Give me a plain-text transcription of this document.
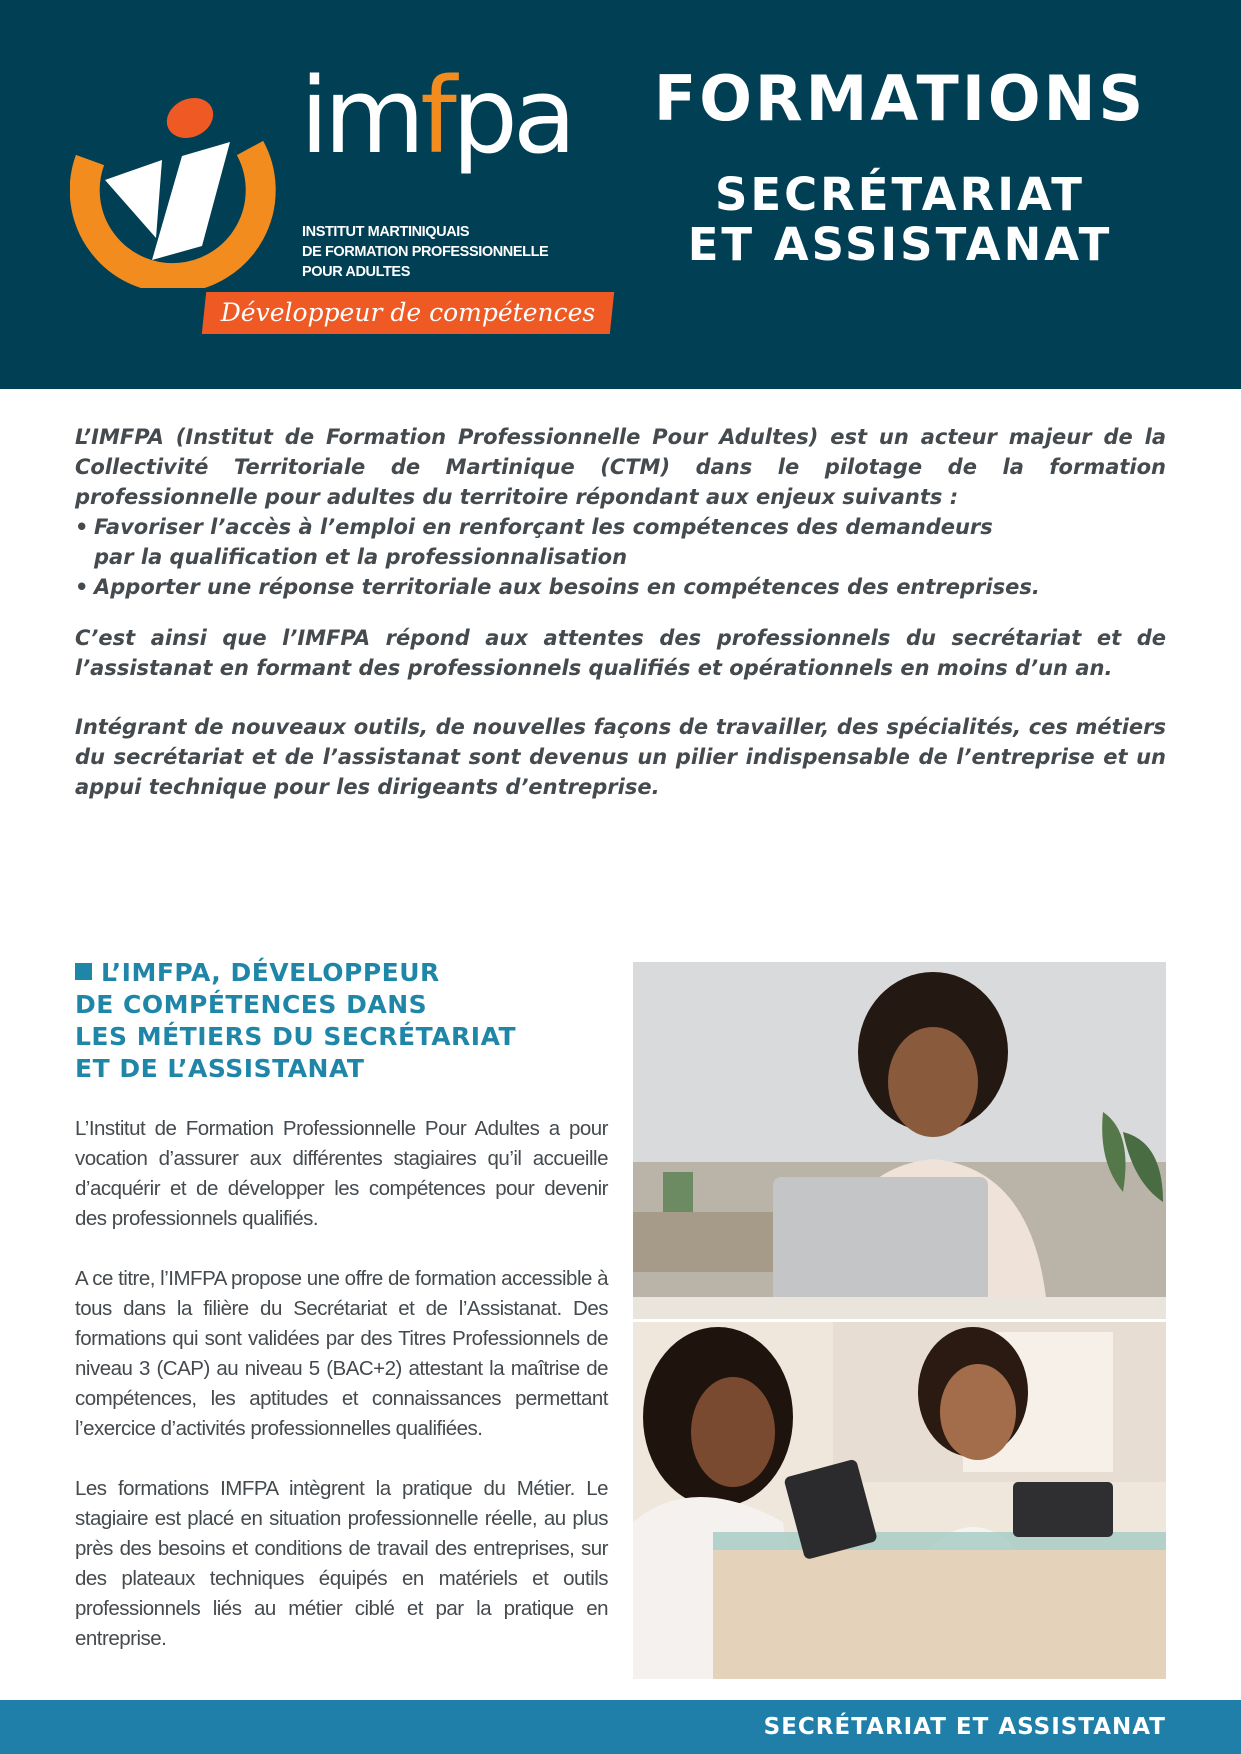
imfpa
INSTITUT MARTINIQUAIS
DE FORMATION PROFESSIONNELLE
POUR ADULTES
Développeur de compétences
FORMATIONS
SECRÉTARIAT
ET ASSISTANAT

L’IMFPA (Institut de Formation Professionnelle Pour Adultes) est un acteur majeur de la Collectivité Territoriale de Martinique (CTM) dans le pilotage de la formation professionnelle pour adultes du territoire répondant aux enjeux suivants :

• Favoriser l’accès à l’emploi en renforçant les compétences des demandeurs
par la qualification et la professionnalisation
• Apporter une réponse territoriale aux besoins en compétences des entreprises.

C’est ainsi que l’IMFPA répond aux attentes des professionnels du secrétariat et de l’assistanat en formant des professionnels qualifiés et opérationnels en moins d’un an.

Intégrant de nouveaux outils, de nouvelles façons de travailler, des spécialités, ces métiers du secrétariat et de l’assistanat sont devenus un pilier indispensable de l’entreprise et un appui technique pour les dirigeants d’entreprise.

L’IMFPA, DÉVELOPPEUR
DE COMPÉTENCES DANS
LES MÉTIERS DU SECRÉTARIAT
ET DE L’ASSISTANAT

L’Institut de Formation Professionnelle Pour Adultes a pour vocation d’assurer aux différentes stagiaires qu’il accueille d’acquérir et de développer les compétences pour devenir des professionnels qualifiés.

A ce titre, l’IMFPA propose une offre de formation accessible à tous dans la filière du Secrétariat et de l’Assistanat. Des formations qui sont validées par des Titres Professionnels de niveau 3 (CAP) au niveau 5 (BAC+2) attestant la maîtrise de compétences, les aptitudes et connaissances permettant l’exercice d’activités professionnelles qualifiées.

Les formations IMFPA intègrent la pratique du Métier. Le stagiaire est placé en situation professionnelle réelle, au plus près des besoins et conditions de travail des entreprises, sur des plateaux techniques équipés en matériels et outils professionnels liés au métier ciblé et par la pratique en entreprise.

SECRÉTARIAT ET ASSISTANAT
